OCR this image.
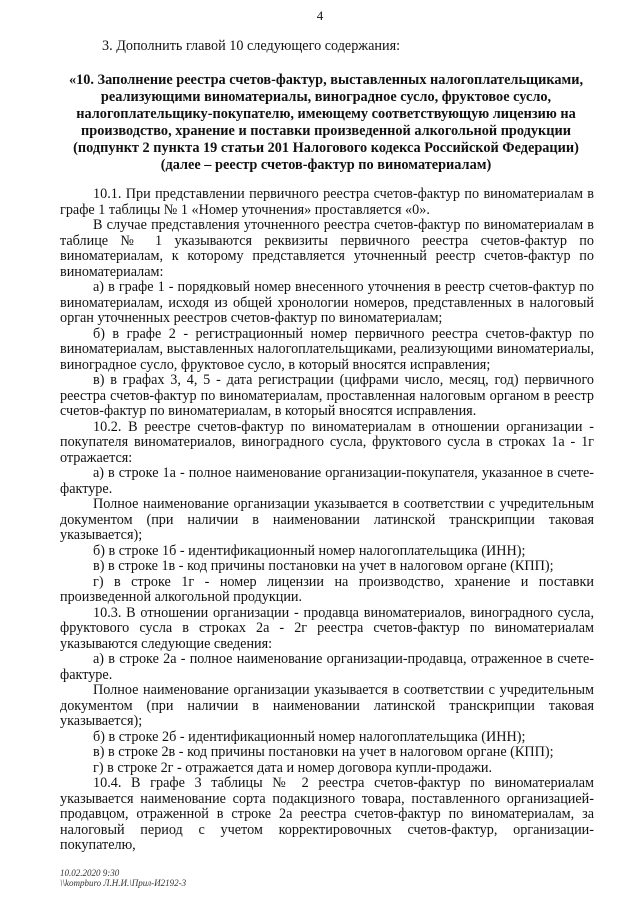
4
3. Дополнить главой 10 следующего содержания:
«10. Заполнение реестра счетов-фактур, выставленных налогоплательщиками,
реализующими виноматериалы, виноградное сусло, фруктовое сусло,
налогоплательщику-покупателю, имеющему соответствующую лицензию на
производство, хранение и поставки произведенной алкогольной продукции
(подпункт 2 пункта 19 статьи 201 Налогового кодекса Российской Федерации)
(далее – реестр счетов-фактур по виноматериалам)

10.1. При представлении первичного реестра счетов-фактур по виноматериалам в графе 1 таблицы № 1 «Номер уточнения» проставляется «0».

В случае представления уточненного реестра счетов-фактур по виноматериалам в таблице № 1 указываются реквизиты первичного реестра счетов-фактур по виноматериалам, к которому представляется уточненный реестр счетов-фактур по виноматериалам:

а) в графе 1 - порядковый номер внесенного уточнения в реестр счетов-фактур по виноматериалам, исходя из общей хронологии номеров, представленных в налоговый орган уточненных реестров счетов-фактур по виноматериалам;

б) в графе 2 - регистрационный номер первичного реестра счетов-фактур по виноматериалам, выставленных налогоплательщиками, реализующими виноматериалы, виноградное сусло, фруктовое сусло, в который вносятся исправления;

в) в графах 3, 4, 5 - дата регистрации (цифрами число, месяц, год) первичного реестра счетов-фактур по виноматериалам, проставленная налоговым органом в реестр счетов-фактур по виноматериалам, в который вносятся исправления.

10.2. В реестре счетов-фактур по виноматериалам в отношении организации - покупателя виноматериалов, виноградного сусла, фруктового сусла в строках 1а - 1г отражается:

а) в строке 1а - полное наименование организации-покупателя, указанное в счете-фактуре.

Полное наименование организации указывается в соответствии с учредительным документом (при наличии в наименовании латинской транскрипции таковая указывается);

б) в строке 1б - идентификационный номер налогоплательщика (ИНН);

в) в строке 1в - код причины постановки на учет в налоговом органе (КПП);

г) в строке 1г - номер лицензии на производство, хранение и поставки произведенной алкогольной продукции.

10.3. В отношении организации - продавца виноматериалов, виноградного сусла, фруктового сусла в строках 2а - 2г реестра счетов-фактур по виноматериалам указываются следующие сведения:

а) в строке 2а - полное наименование организации-продавца, отраженное в счете-фактуре.

Полное наименование организации указывается в соответствии с учредительным документом (при наличии в наименовании латинской транскрипции таковая указывается);

б) в строке 2б - идентификационный номер налогоплательщика (ИНН);

в) в строке 2в - код причины постановки на учет в налоговом органе (КПП);

г) в строке 2г - отражается дата и номер договора купли-продажи.

10.4. В графе 3 таблицы № 2 реестра счетов-фактур по виноматериалам указывается наименование сорта подакцизного товара, поставленного организацией-продавцом, отраженной в строке 2а реестра счетов-фактур по виноматериалам, за налоговый период с учетом корректировочных счетов-фактур, организации-покупателю,

10.02.2020 9:30
\\kompburo Л.Н.И.\Прил-И2192-3
